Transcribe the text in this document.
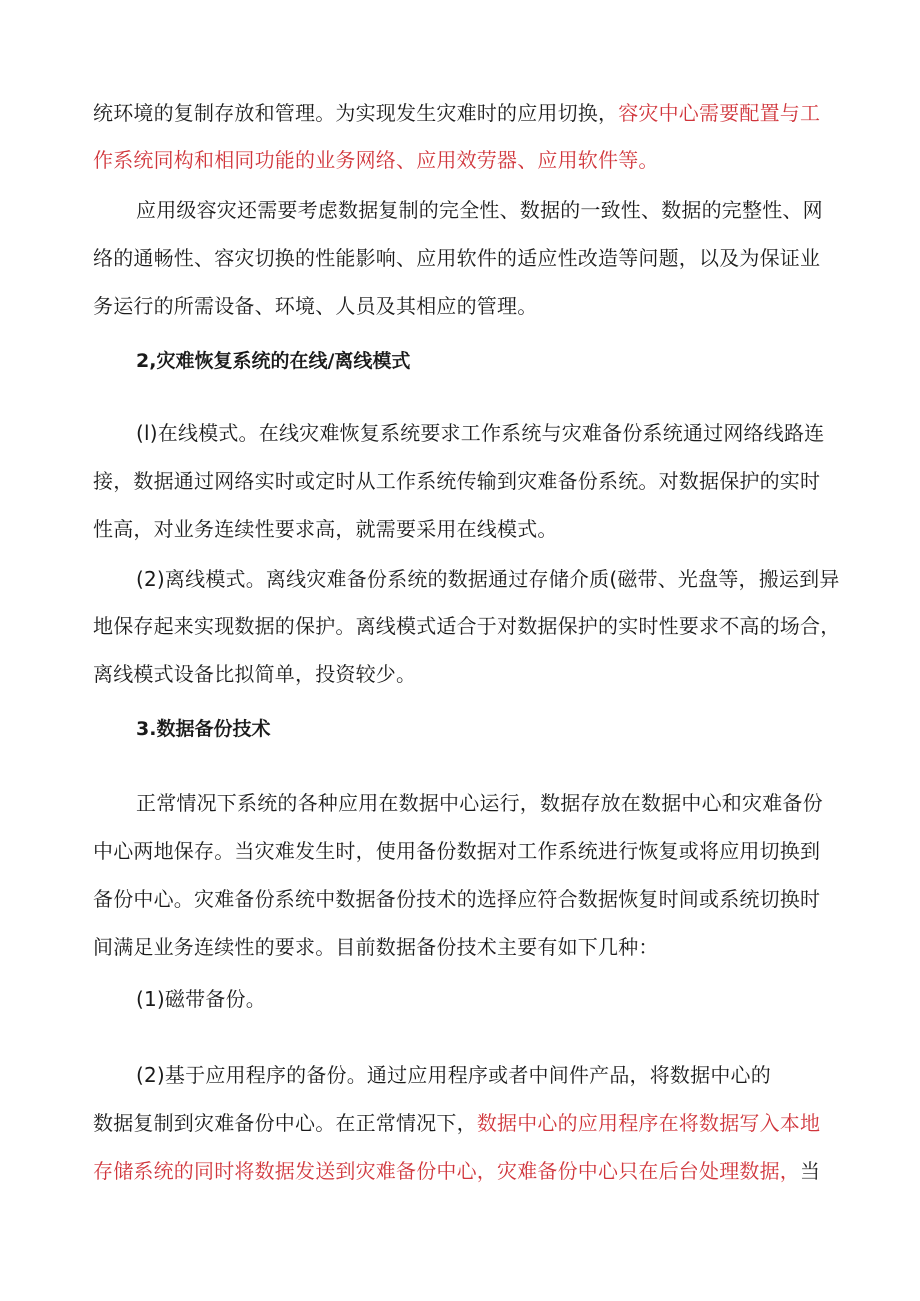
统环境的复制存放和管理。为实现发生灾难时的应用切换，容灾中心需要配置与工
作系统同构和相同功能的业务网络、应用效劳器、应用软件等。
应用级容灾还需要考虑数据复制的完全性、数据的一致性、数据的完整性、网
络的通畅性、容灾切换的性能影响、应用软件的适应性改造等问题，以及为保证业
务运行的所需设备、环境、人员及其相应的管理。
2,灾难恢复系统的在线/离线模式
(l)在线模式。在线灾难恢复系统要求工作系统与灾难备份系统通过网络线路连
接，数据通过网络实时或定时从工作系统传输到灾难备份系统。对数据保护的实时
性高，对业务连续性要求高，就需要采用在线模式。
(2)离线模式。离线灾难备份系统的数据通过存储介质(磁带、光盘等，搬运到异
地保存起来实现数据的保护。离线模式适合于对数据保护的实时性要求不高的场合，
离线模式设备比拟简单，投资较少。
3.数据备份技术
正常情况下系统的各种应用在数据中心运行，数据存放在数据中心和灾难备份
中心两地保存。当灾难发生时，使用备份数据对工作系统进行恢复或将应用切换到
备份中心。灾难备份系统中数据备份技术的选择应符合数据恢复时间或系统切换时
间满足业务连续性的要求。目前数据备份技术主要有如下几种：
(1)磁带备份。
(2)基于应用程序的备份。通过应用程序或者中间件产品，将数据中心的
数据复制到灾难备份中心。在正常情况下，数据中心的应用程序在将数据写入本地
存储系统的同时将数据发送到灾难备份中心，灾难备份中心只在后台处理数据，当
